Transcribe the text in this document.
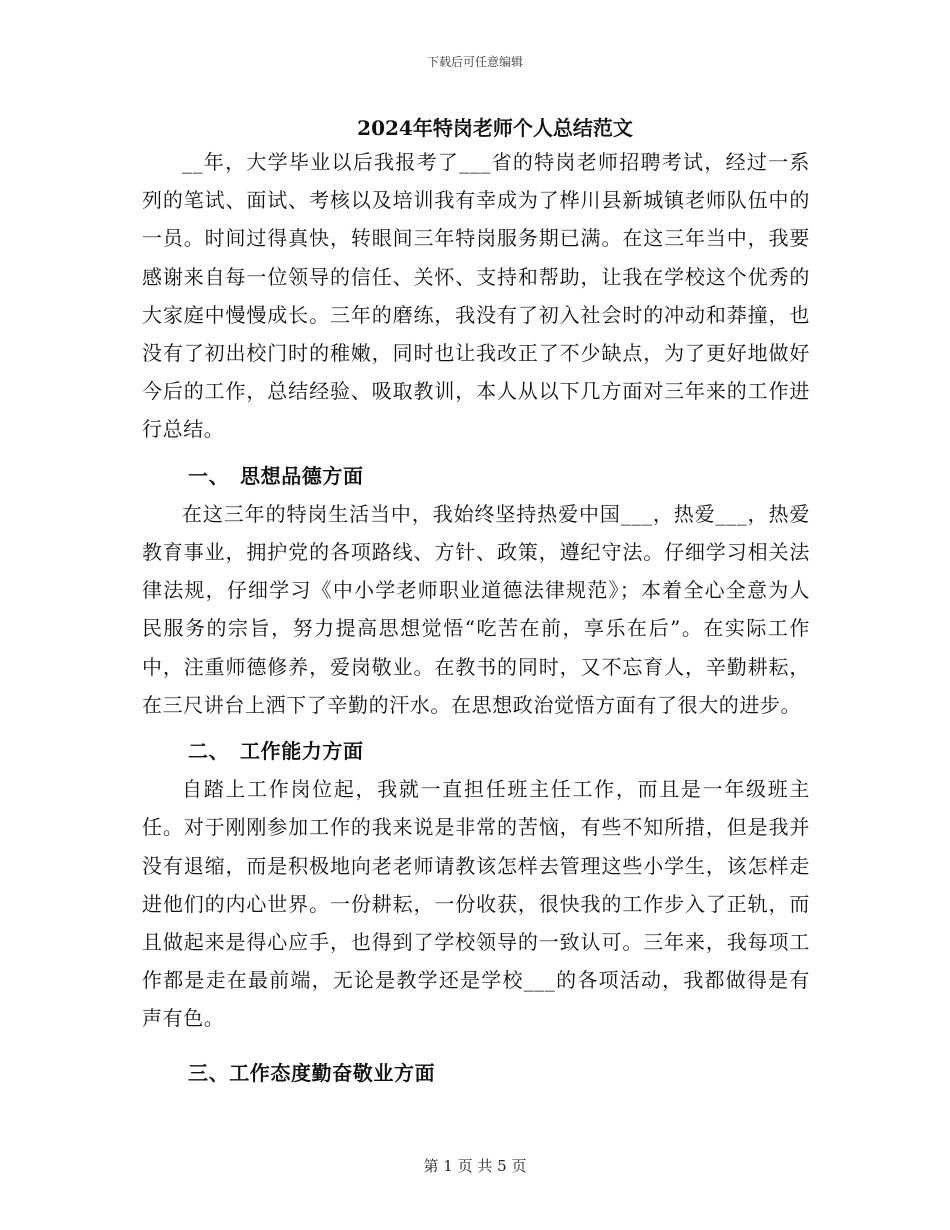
下载后可任意编辑
2024年特岗老师个人总结范文

__年，大学毕业以后我报考了___省的特岗老师招聘考试，经过一系列的笔试、面试、考核以及培训我有幸成为了桦川县新城镇老师队伍中的一员。时间过得真快，转眼间三年特岗服务期已满。在这三年当中，我要感谢来自每一位领导的信任、关怀、支持和帮助，让我在学校这个优秀的大家庭中慢慢成长。三年的磨练，我没有了初入社会时的冲动和莽撞，也没有了初出校门时的稚嫩，同时也让我改正了不少缺点，为了更好地做好今后的工作，总结经验、吸取教训，本人从以下几方面对三年来的工作进行总结。

一、 思想品德方面

在这三年的特岗生活当中，我始终坚持热爱中国___，热爱___，热爱教育事业，拥护党的各项路线、方针、政策，遵纪守法。仔细学习相关法律法规，仔细学习《中小学老师职业道德法律规范》；本着全心全意为人民服务的宗旨，努力提高思想觉悟“吃苦在前，享乐在后”。在实际工作中，注重师德修养，爱岗敬业。在教书的同时，又不忘育人，辛勤耕耘，在三尺讲台上洒下了辛勤的汗水。在思想政治觉悟方面有了很大的进步。

二、 工作能力方面

自踏上工作岗位起，我就一直担任班主任工作，而且是一年级班主任。对于刚刚参加工作的我来说是非常的苦恼，有些不知所措，但是我并没有退缩，而是积极地向老老师请教该怎样去管理这些小学生，该怎样走进他们的内心世界。一份耕耘，一份收获，很快我的工作步入了正轨，而且做起来是得心应手，也得到了学校领导的一致认可。三年来，我每项工作都是走在最前端，无论是教学还是学校___的各项活动，我都做得是有声有色。

三、工作态度勤奋敬业方面

第 1 页 共 5 页
